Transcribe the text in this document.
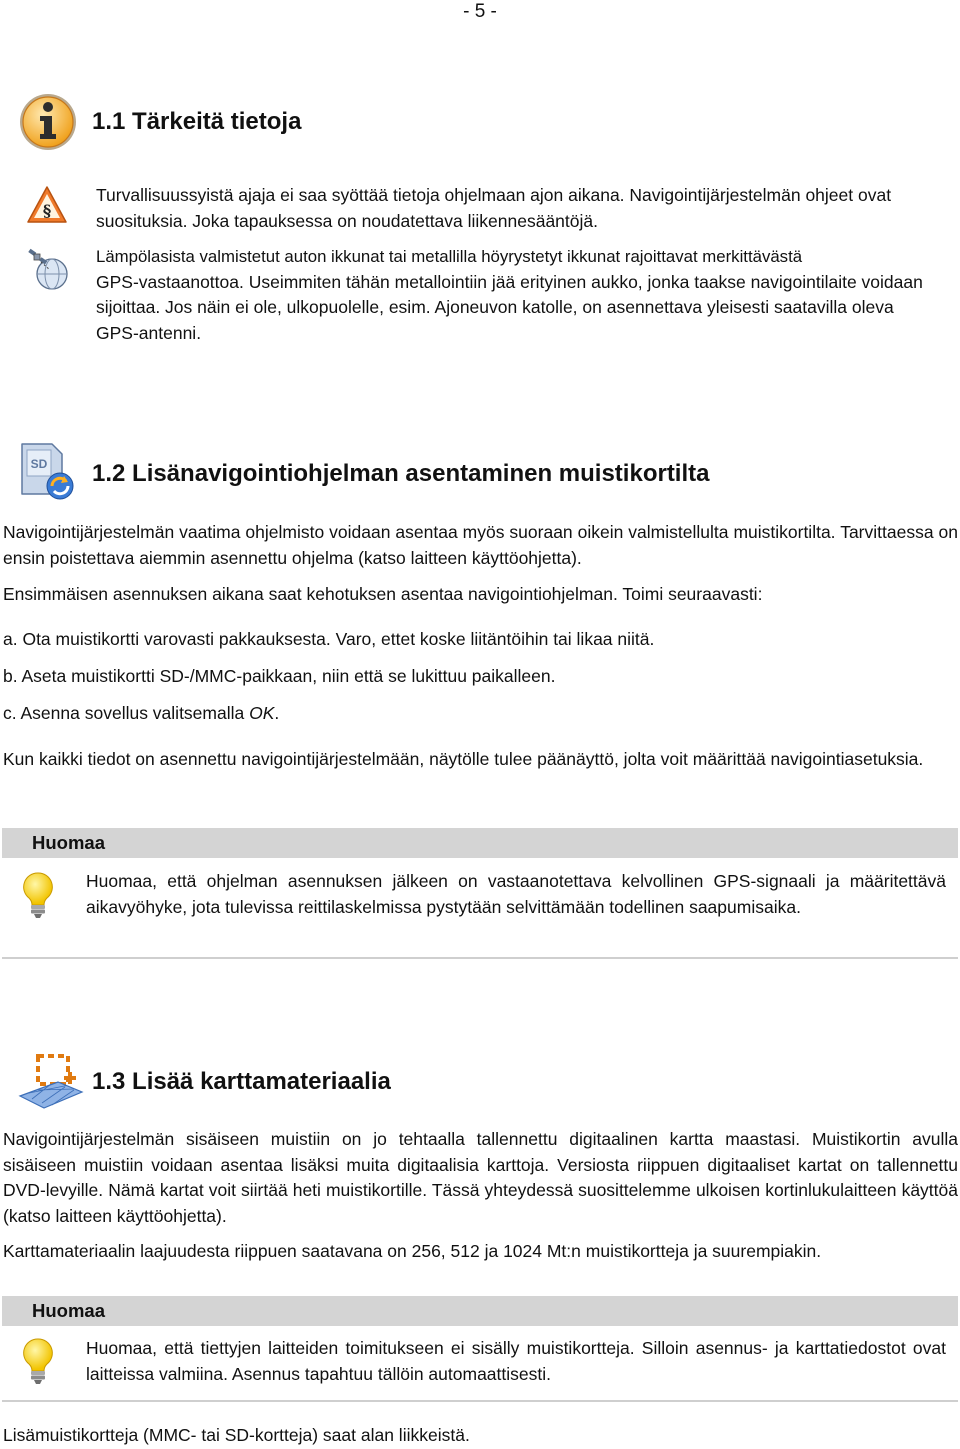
- 5 -
1.1 Tärkeitä tietoja
§

Turvallisuussyistä ajaja ei saa syöttää tietoja ohjelmaan ajon aikana. Navigointijärjestelmän ohjeet ovat suosituksia. Joka tapauksessa on noudatettava liikennesääntöjä.

Lämpölasista valmistetut auton ikkunat tai metallilla höyrystetyt ikkunat rajoittavat merkittävästä

GPS-vastaanottoa. Useimmiten tähän metallointiin jää erityinen aukko, jonka taakse navigointilaite voidaan sijoittaa. Jos näin ei ole, ulkopuolelle, esim. Ajoneuvon katolle, on asennettava yleisesti saatavilla oleva GPS-antenni.

SD 1.2 Lisänavigointiohjelman asentaminen muistikortilta

Navigointijärjestelmän vaatima ohjelmisto voidaan asentaa myös suoraan oikein valmistellulta muistikortilta. Tarvittaessa on ensin poistettava aiemmin asennettu ohjelma (katso laitteen käyttöohjetta).

Ensimmäisen asennuksen aikana saat kehotuksen asentaa navigointiohjelman. Toimi seuraavasti:

a. Ota muistikortti varovasti pakkauksesta. Varo, ettet koske liitäntöihin tai likaa niitä.

b. Aseta muistikortti SD-/MMC-paikkaan, niin että se lukittuu paikalleen.

c. Asenna sovellus valitsemalla OK.

Kun kaikki tiedot on asennettu navigointijärjestelmään, näytölle tulee päänäyttö, jolta voit määrittää navigointiasetuksia.

Huomaa

Huomaa, että ohjelman asennuksen jälkeen on vastaanotettava kelvollinen GPS-signaali ja määritettävä aikavyöhyke, jota tulevissa reittilaskelmissa pystytään selvittämään todellinen saapumisaika.

1.3 Lisää karttamateriaalia

Navigointijärjestelmän sisäiseen muistiin on jo tehtaalla tallennettu digitaalinen kartta maastasi. Muistikortin avulla sisäiseen muistiin voidaan asentaa lisäksi muita digitaalisia karttoja. Versiosta riippuen digitaaliset kartat on tallennettu DVD-levyille. Nämä kartat voit siirtää heti muistikortille. Tässä yhteydessä suosittelemme ulkoisen kortinlukulaitteen käyttöä (katso laitteen käyttöohjetta).

Karttamateriaalin laajuudesta riippuen saatavana on 256, 512 ja 1024 Mt:n muistikortteja ja suurempiakin.

Huomaa

Huomaa, että tiettyjen laitteiden toimitukseen ei sisälly muistikortteja. Silloin asennus- ja karttatiedostot ovat laitteissa valmiina. Asennus tapahtuu tällöin automaattisesti.

Lisämuistikortteja (MMC- tai SD-kortteja) saat alan liikkeistä.
